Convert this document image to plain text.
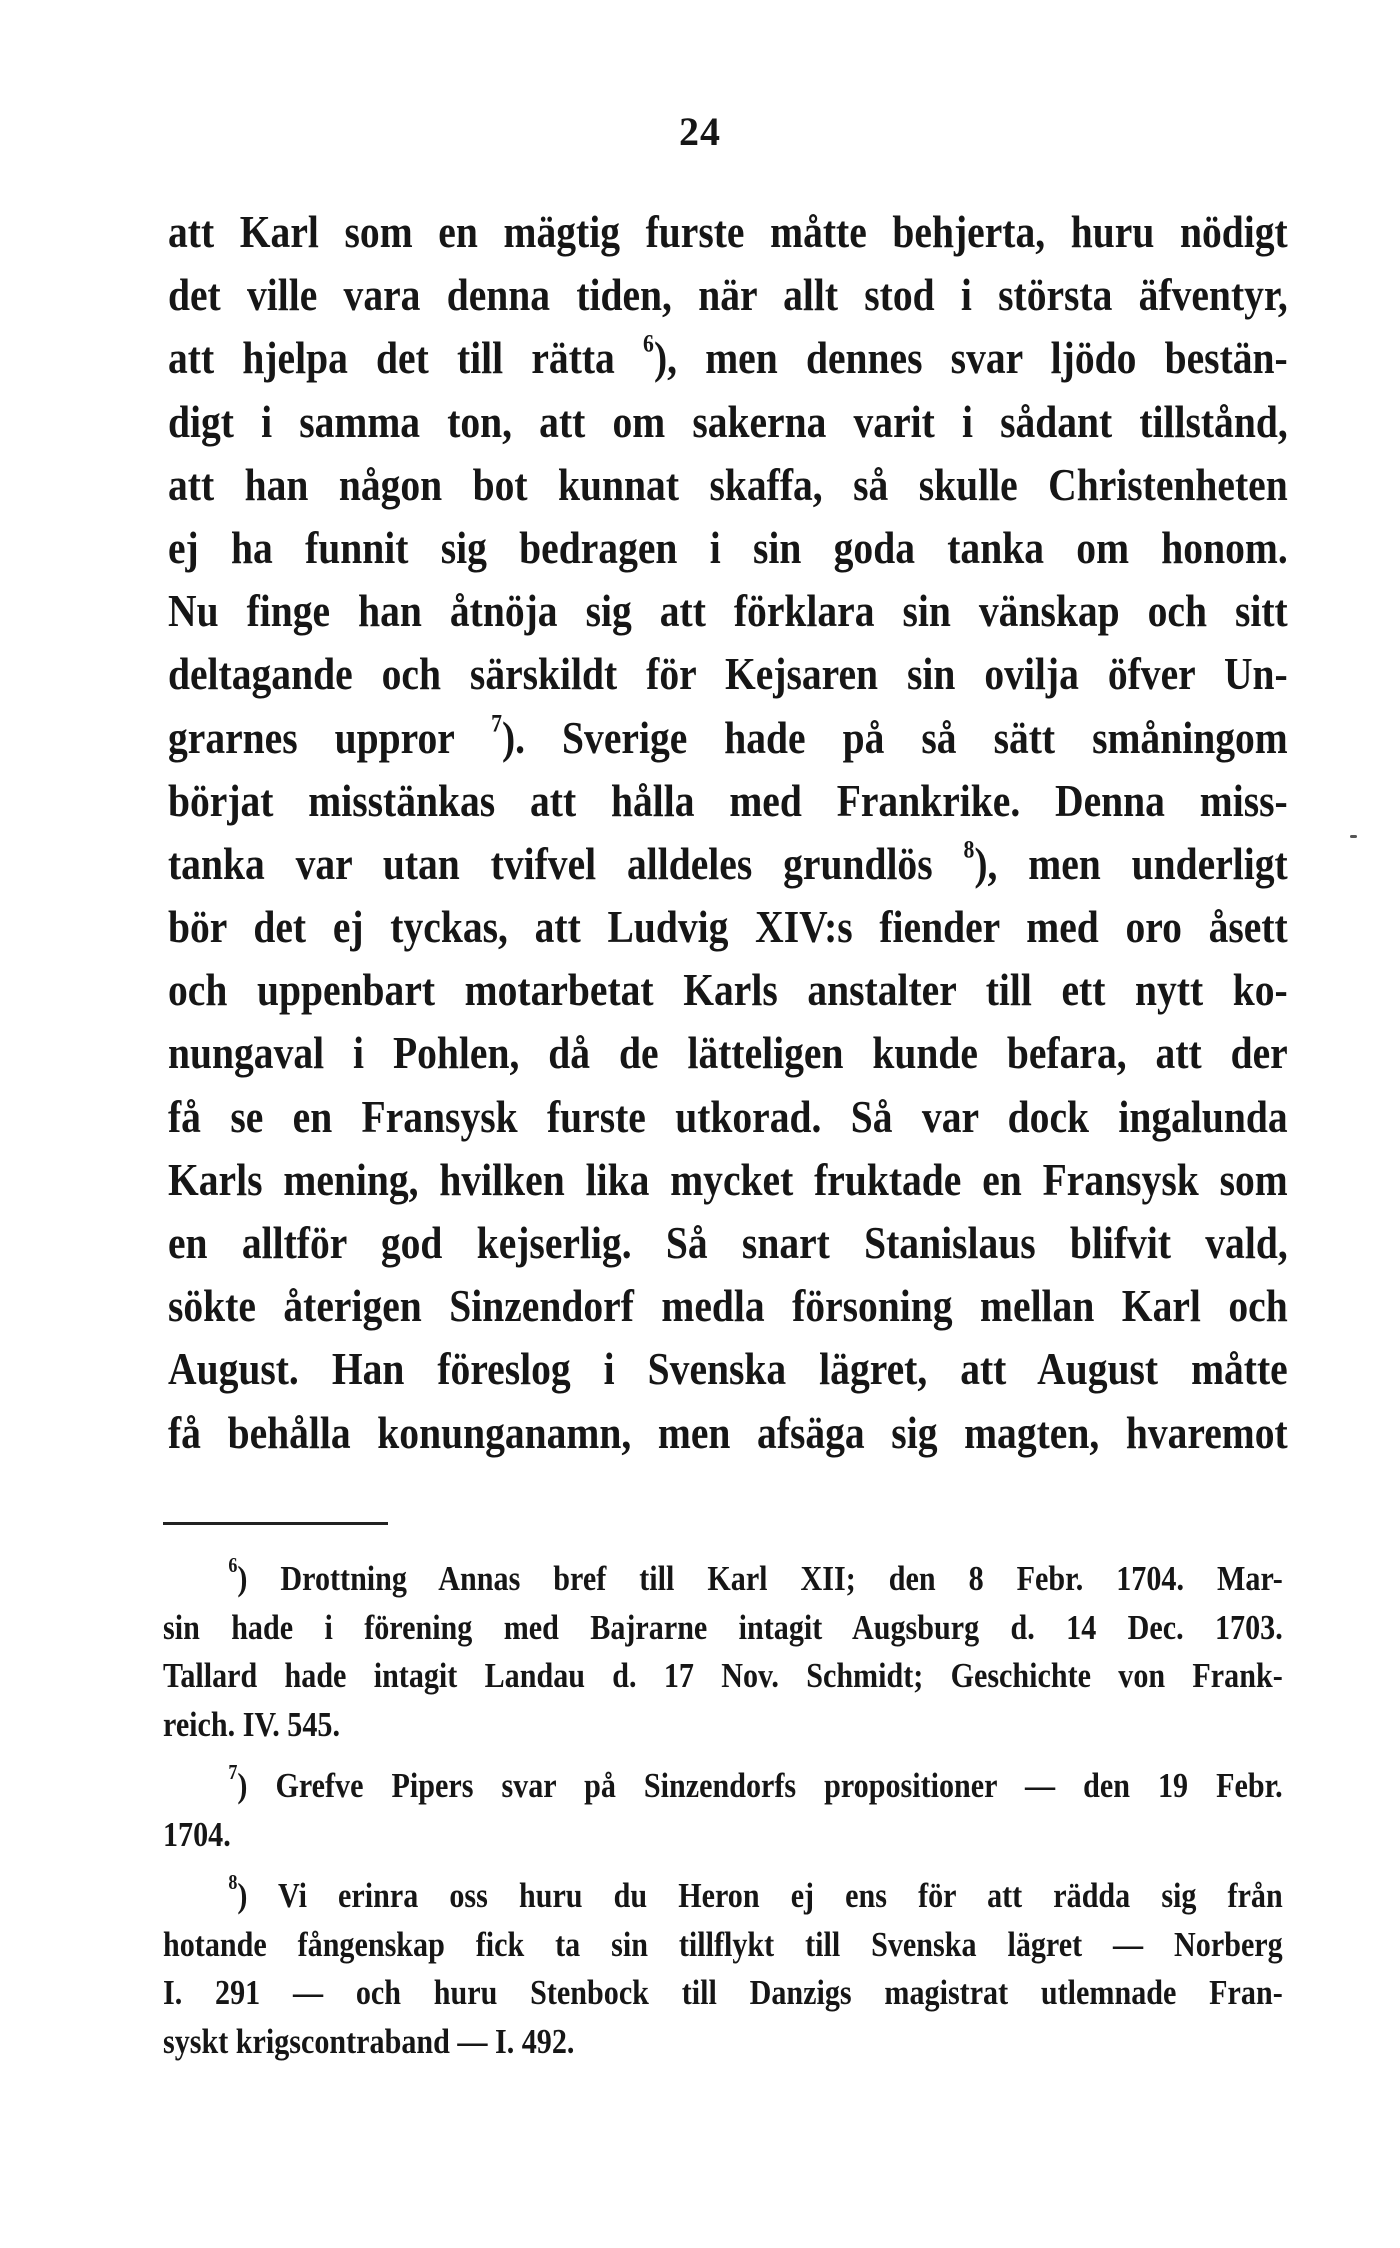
24
att Karl som en mägtig furste måtte behjerta, huru nödigt
det ville vara denna tiden, när allt stod i största äfventyr,
att hjelpa det till rätta $^6$), men dennes svar ljödo bestän-
digt i samma ton, att om sakerna varit i sådant tillstånd,
att han någon bot kunnat skaffa, så skulle Christenheten
ej ha funnit sig bedragen i sin goda tanka om honom.
Nu finge han åtnöja sig att förklara sin vänskap och sitt
deltagande och särskildt för Kejsaren sin ovilja öfver Un-
grarnes uppror $^7$). Sverige hade på så sätt småningom
börjat misstänkas att hålla med Frankrike. Denna miss-
tanka var utan tvifvel alldeles grundlös $^8$), men underligt
bör det ej tyckas, att Ludvig XIV:s fiender med oro åsett
och uppenbart motarbetat Karls anstalter till ett nytt ko-
nungaval i Pohlen, då de lätteligen kunde befara, att der
få se en Fransysk furste utkorad. Så var dock ingalunda
Karls mening, hvilken lika mycket fruktade en Fransysk som
en alltför god kejserlig. Så snart Stanislaus blifvit vald,
sökte återigen Sinzendorf medla försoning mellan Karl och
August. Han föreslog i Svenska lägret, att August måtte
få behålla konunganamn, men afsäga sig magten, hvaremot
$^6$) Drottning Annas bref till Karl XII; den 8 Febr. 1704. Mar-
sin hade i förening med Bajrarne intagit Augsburg d. 14 Dec. 1703.
Tallard hade intagit Landau d. 17 Nov. Schmidt; Geschichte von Frank-
reich. IV. 545.
$^7$) Grefve Pipers svar på Sinzendorfs propositioner — den 19 Febr.
1704.
$^8$) Vi erinra oss huru du Heron ej ens för att rädda sig från
hotande fångenskap fick ta sin tillflykt till Svenska lägret — Norberg
I. 291 — och huru Stenbock till Danzigs magistrat utlemnade Fran-
syskt krigscontraband — I. 492.
